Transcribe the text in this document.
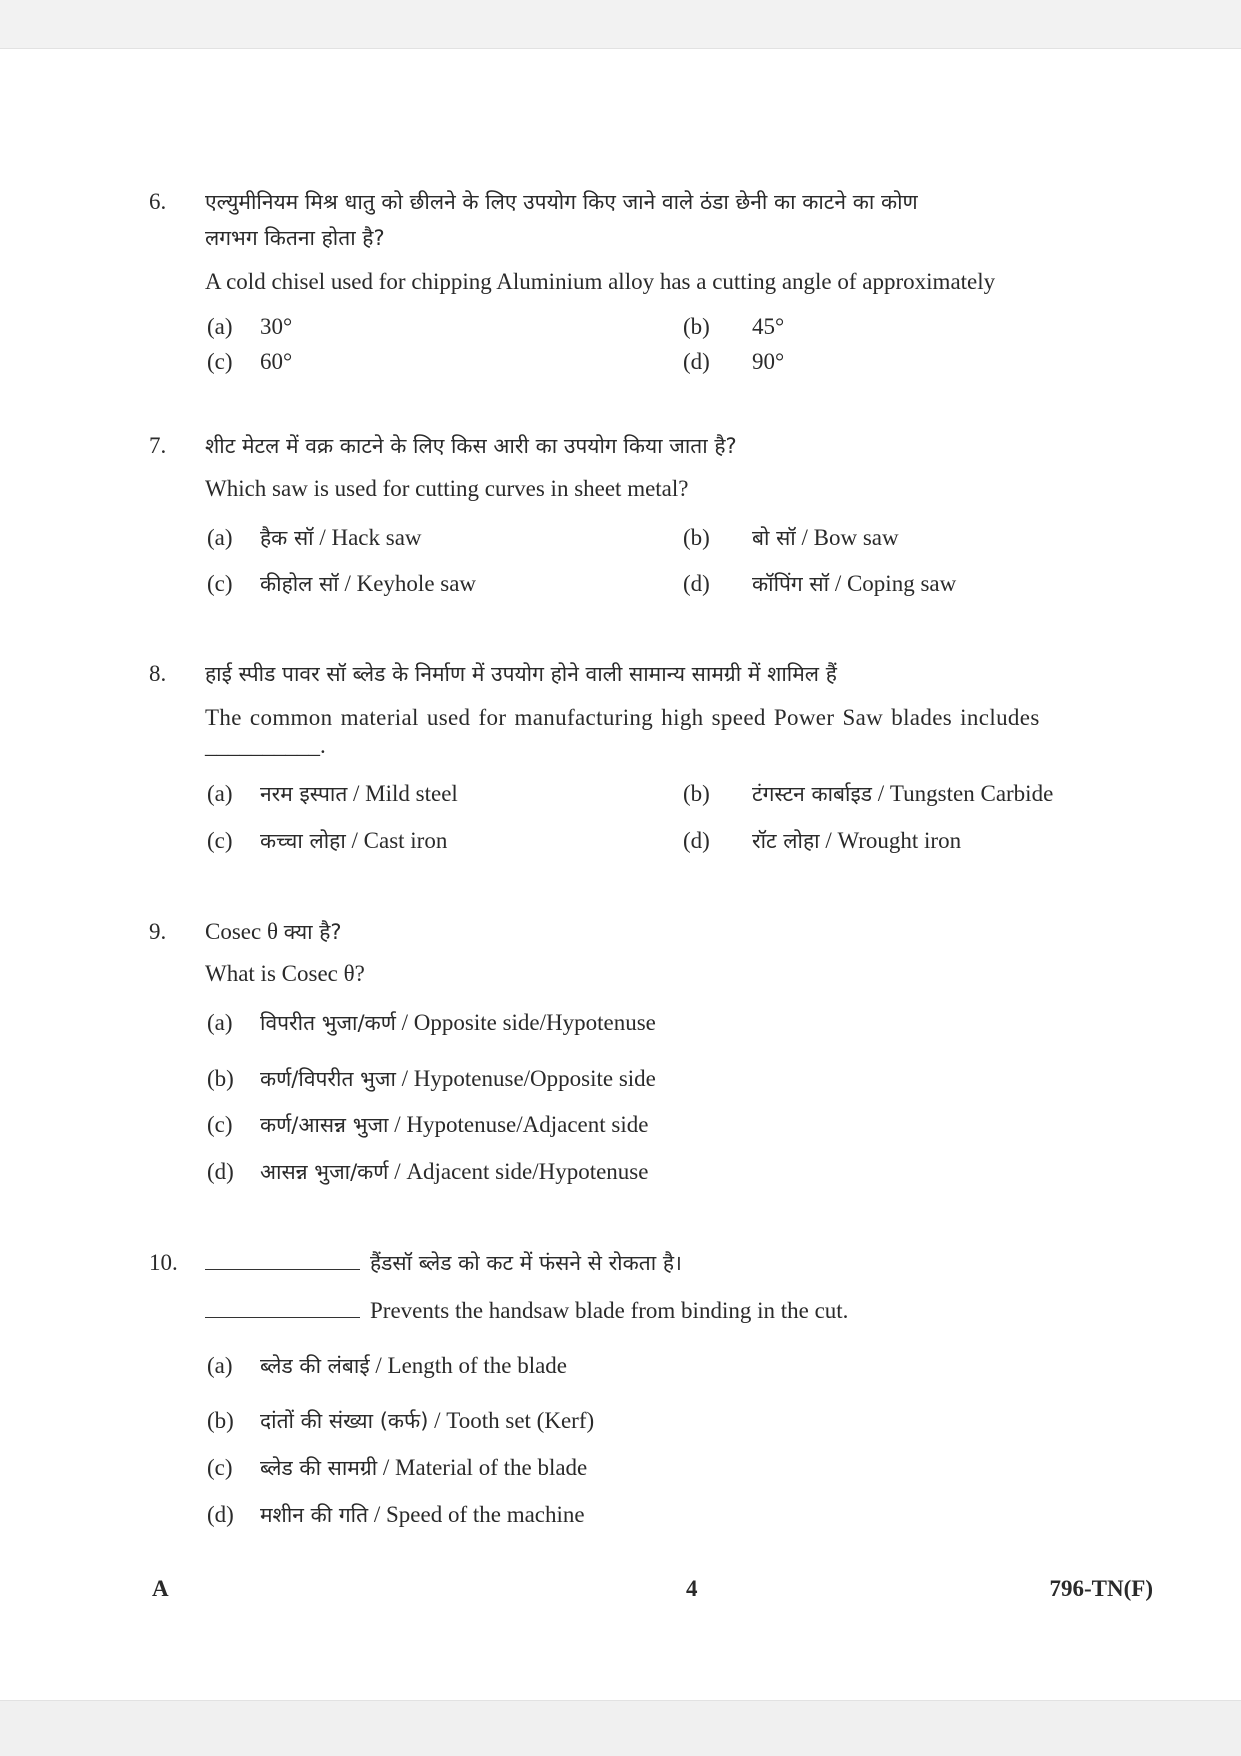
6. एल्युमीनियम मिश्र धातु को छीलने के लिए उपयोग किए जाने वाले ठंडा छेनी का काटने का कोण
लगभग कितना होता है?
A cold chisel used for chipping Aluminium alloy has a cutting angle of approximately
(a) 30°	(b) 45°
(c) 60°	(d) 90°
7. शीट मेटल में वक्र काटने के लिए किस आरी का उपयोग किया जाता है?
Which saw is used for cutting curves in sheet metal?
(a) हैक सॉ / Hack saw	(b) बो सॉ / Bow saw
(c) कीहोल सॉ / Keyhole saw	(d) कॉपिंग सॉ / Coping saw
8. हाई स्पीड पावर सॉ ब्लेड के निर्माण में उपयोग होने वाली सामान्य सामग्री में शामिल हैं
The common material used for manufacturing high speed Power Saw blades includes
__________.
(a) नरम इस्पात / Mild steel	(b) टंगस्टन कार्बाइड / Tungsten Carbide
(c) कच्चा लोहा / Cast iron	(d) रॉट लोहा / Wrought iron
9. Cosec θ क्या है?
What is Cosec θ?
(a) विपरीत भुजा/कर्ण / Opposite side/Hypotenuse
(b) कर्ण/विपरीत भुजा / Hypotenuse/Opposite side
(c) कर्ण/आसन्न भुजा / Hypotenuse/Adjacent side
(d) आसन्न भुजा/कर्ण / Adjacent side/Hypotenuse
10.	हैंडसॉ ब्लेड को कट में फंसने से रोकता है।
Prevents the handsaw blade from binding in the cut.
(a) ब्लेड की लंबाई / Length of the blade
(b) दांतों की संख्या (कर्फ) / Tooth set (Kerf)
(c) ब्लेड की सामग्री / Material of the blade
(d) मशीन की गति / Speed of the machine
A	4	796-TN(F)
